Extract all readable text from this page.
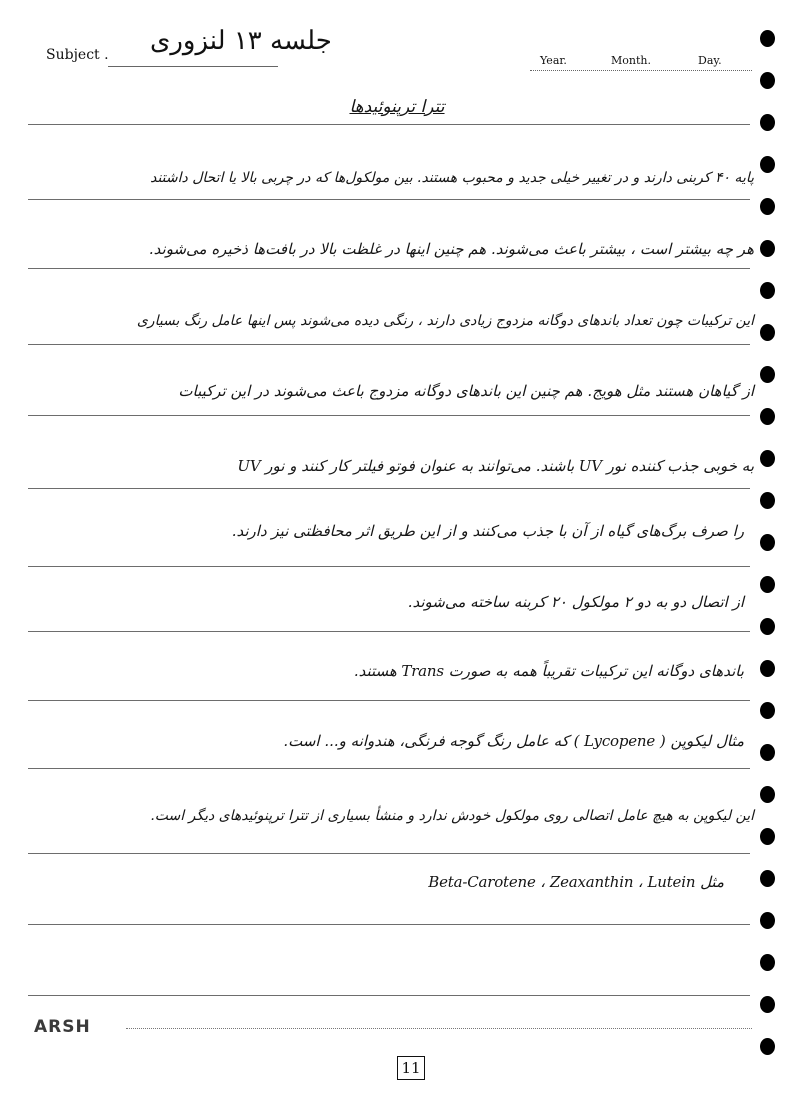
Subject . جلسه ۱۳ لنزوری
Year.	Month.	Day.
تترا ترپنوئیدها
پایه ۴۰ کربنی دارند و در تغییر خیلی جدید و محبوب هستند. بین مولکول‌ها که در چربی بالا یا اتحال داشتند
هر چه بیشتر است ، بیشتر باعث می‌شوند. هم چنین اینها در غلظت بالا در بافت‌ها ذخیره می‌شوند.
این ترکیبات چون تعداد باندهای دوگانه مزدوج زیادی دارند ، رنگی دیده می‌شوند پس اینها عامل رنگ بسیاری
از گیاهان هستند مثل هویج. هم چنین این باندهای دوگانه مزدوج باعث می‌شوند در این ترکیبات
به خوبی جذب کننده نور UV باشند. می‌توانند به عنوان فوتو فیلتر کار کنند و نور UV
را صرف برگ‌های گیاه از آن با جذب می‌کنند و از این طریق اثر محافظتی نیز دارند.
از اتصال دو به دو ۲ مولکول ۲۰ کربنه ساخته می‌شوند.
باندهای دوگانه این ترکیبات تقریباً همه به صورت Trans هستند.
مثال لیکوپن ( Lycopene ) که عامل رنگ گوجه فرنگی، هندوانه و... است.
این لیکوپن به هیچ عامل اتصالی روی مولکول خودش ندارد و منشأ بسیاری از تترا ترپنوئیدهای دیگر است.
مثل Beta-Carotene ، Zeaxanthin ، Lutein
ARSH
11
